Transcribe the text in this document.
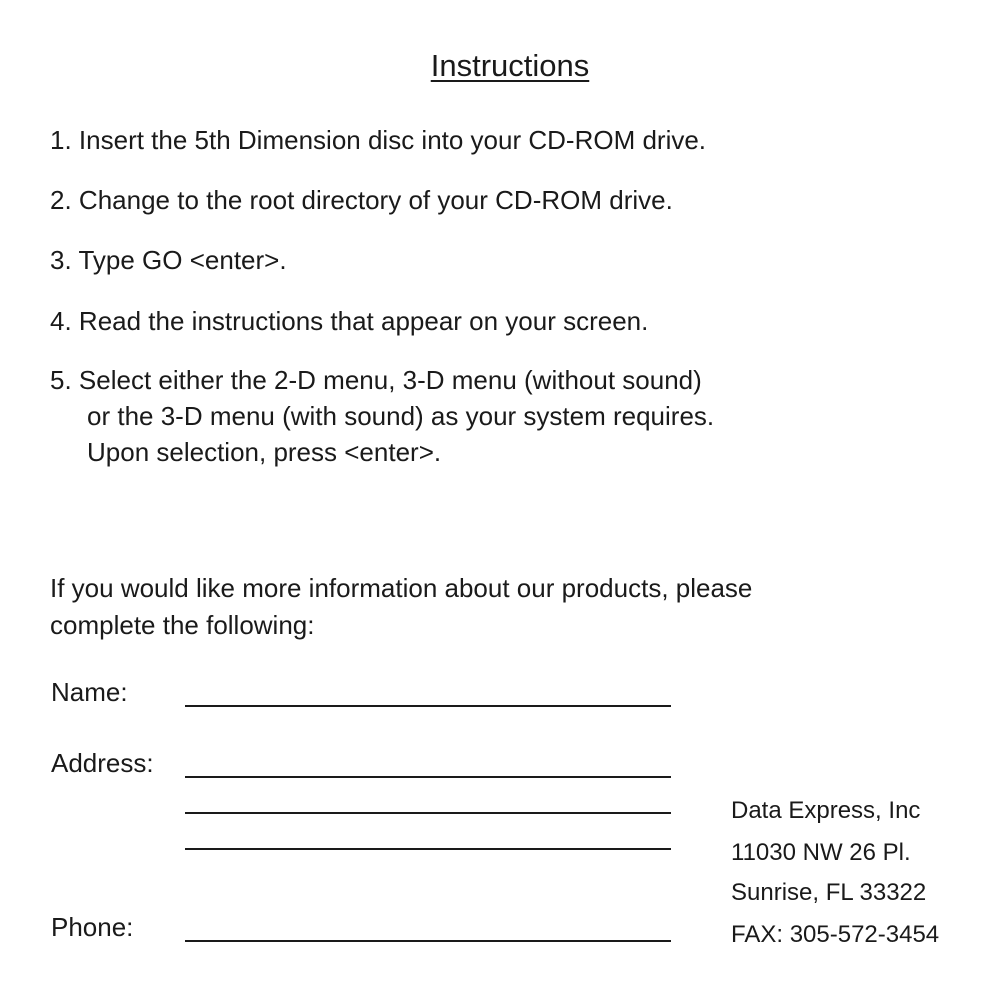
Instructions
1. Insert the 5th Dimension disc into your CD-ROM drive.
2. Change to the root directory of your CD-ROM drive.
3. Type GO <enter>.
4. Read the instructions that appear on your screen.
5. Select either the 2-D menu, 3-D menu (without sound)
or the 3-D menu (with sound) as your system requires.
Upon selection, press <enter>.
If you would like more information about our products, please
complete the following:
Name:
Address:
Phone:
Data Express, Inc
11030 NW 26 Pl.
Sunrise, FL 33322
FAX: 305-572-3454
